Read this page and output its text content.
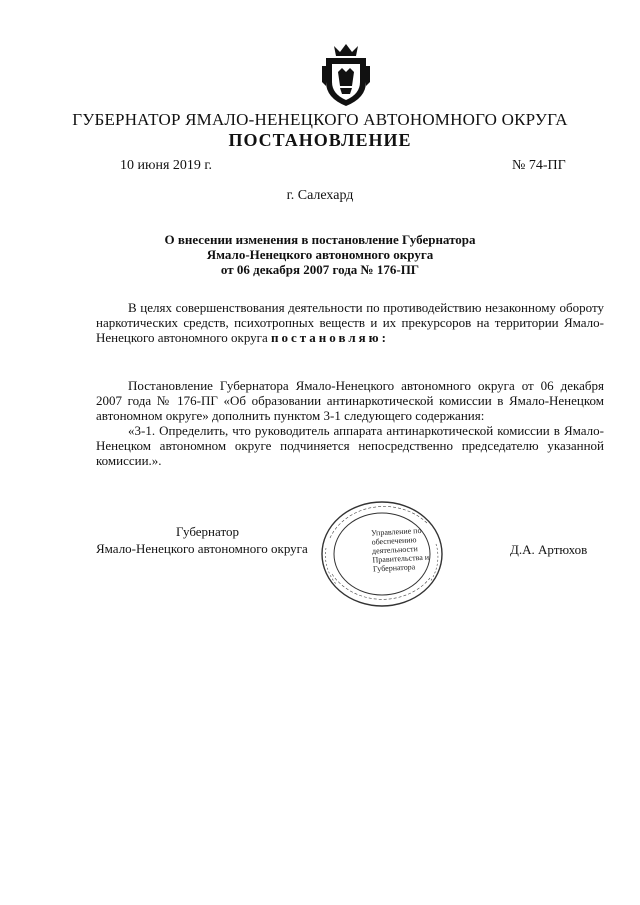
ГУБЕРНАТОР ЯМАЛО-НЕНЕЦКОГО АВТОНОМНОГО ОКРУГА
ПОСТАНОВЛЕНИЕ
10 июня 2019 г.	№ 74-ПГ
г. Салехард
О внесении изменения в постановление Губернатора
Ямало-Ненецкого автономного округа
от 06 декабря 2007 года № 176-ПГ
В целях совершенствования деятельности по противодействию незаконному обороту наркотических средств, психотропных веществ и их прекурсоров на территории Ямало-Ненецкого автономного округа постановляю:
Постановление Губернатора Ямало-Ненецкого автономного округа от 06 декабря 2007 года № 176-ПГ «Об образовании антинаркотической комиссии в Ямало-Ненецком автономном округе» дополнить пунктом 3-1 следующего содержания:
«3-1. Определить, что руководитель аппарата антинаркотической комиссии в Ямало-Ненецком автономном округе подчиняется непосредственно председателю указанной комиссии.».
Губернатор
Ямало-Ненецкого автономного округа	Д.А. Артюхов
Управление по обеспечению деятельности Правительства и Губернатора
